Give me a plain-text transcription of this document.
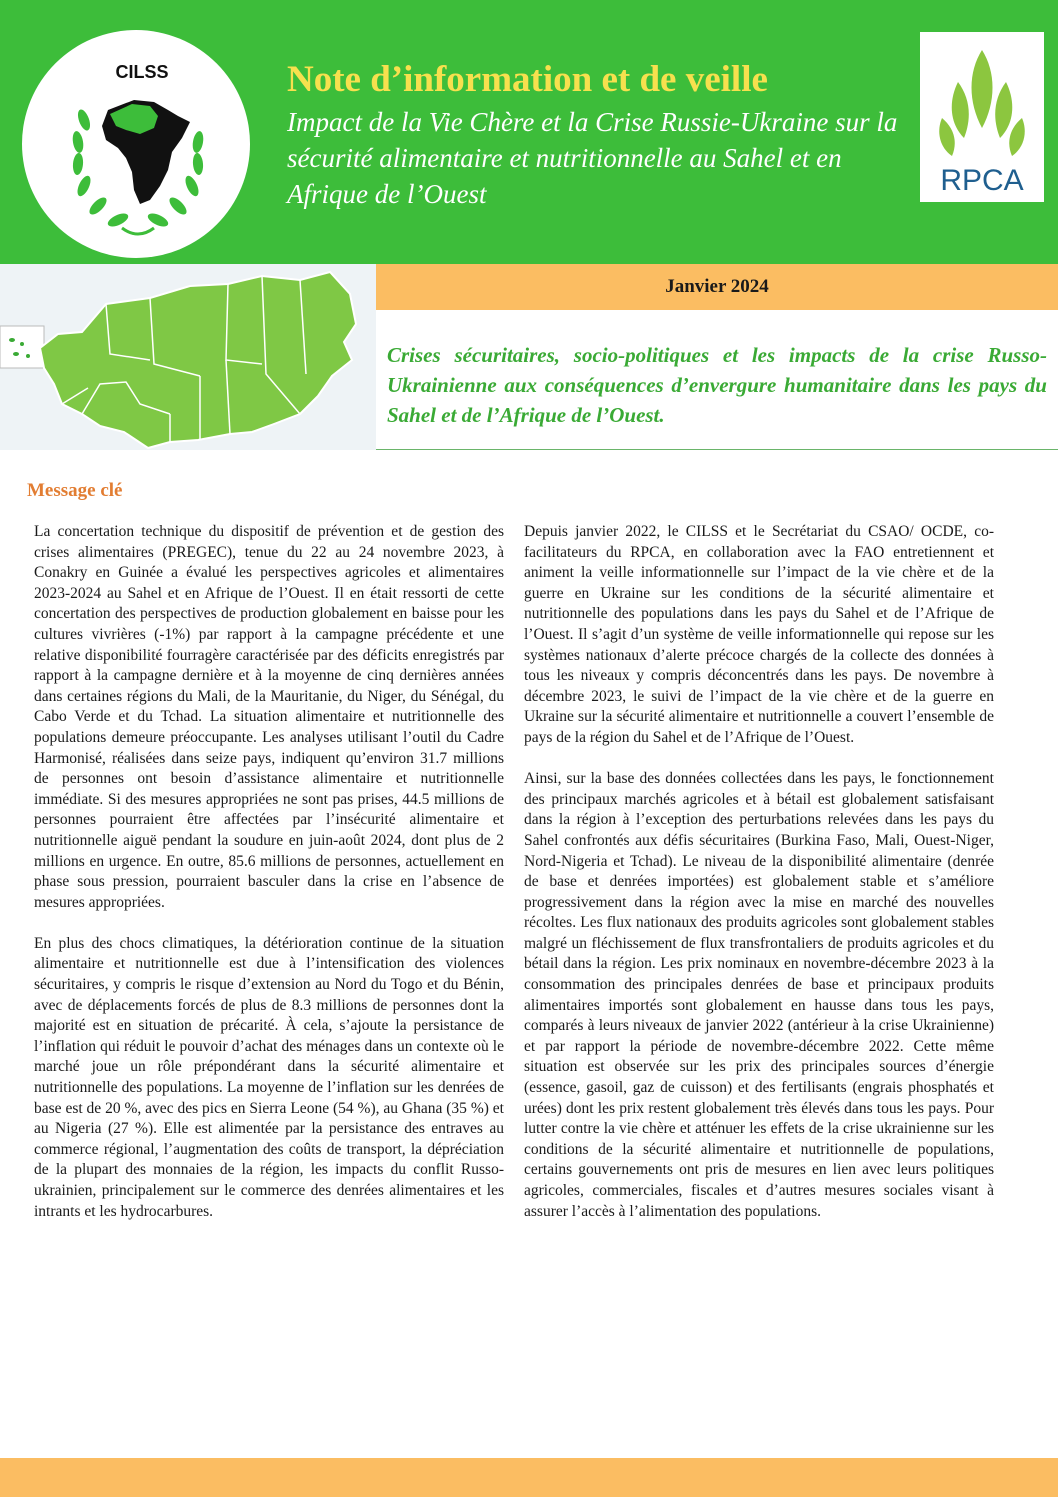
CILSS	Note d’information et de veille

Impact de la Vie Chère et la Crise Russie-Ukraine sur la sécurité alimentaire et nutritionnelle au Sahel et en Afrique de l’Ouest	RPCA
Janvier 2024

Crises sécuritaires, socio-politiques et les impacts de la crise Russo-Ukrainienne aux conséquences d’envergure humanitaire dans les pays du Sahel et de l’Afrique de l’Ouest.

Message clé

La concertation technique du dispositif de prévention et de gestion des crises alimentaires (PREGEC), tenue du 22 au 24 novembre 2023, à Conakry en Guinée a évalué les perspectives agricoles et alimentaires 2023-2024 au Sahel et en Afrique de l’Ouest. Il en était ressorti de cette concertation des perspectives de production globalement en baisse pour les cultures vivrières (-1%) par rapport à la campagne précédente et une relative disponibilité fourragère caractérisée par des déficits enregistrés par rapport à la campagne dernière et à la moyenne de cinq dernières années dans certaines régions du Mali, de la Mauritanie, du Niger, du Sénégal, du Cabo Verde et du Tchad. La situation alimentaire et nutritionnelle des populations demeure préoccupante. Les analyses utilisant l’outil du Cadre Harmonisé, réalisées dans seize pays, indiquent qu’environ 31.7 millions de personnes ont besoin d’assistance alimentaire et nutritionnelle immédiate. Si des mesures appropriées ne sont pas prises, 44.5 millions de personnes pourraient être affectées par l’insécurité alimentaire et nutritionnelle aiguë pendant la soudure en juin-août 2024, dont plus de 2 millions en urgence. En outre, 85.6 millions de personnes, actuellement en phase sous pression, pourraient basculer dans la crise en l’absence de mesures appropriées.

En plus des chocs climatiques, la détérioration continue de la situation alimentaire et nutritionnelle est due à l’intensification des violences sécuritaires, y compris le risque d’extension au Nord du Togo et du Bénin, avec de déplacements forcés de plus de 8.3 millions de personnes dont la majorité est en situation de précarité. À cela, s’ajoute la persistance de l’inflation qui réduit le pouvoir d’achat des ménages dans un contexte où le marché joue un rôle prépondérant dans la sécurité alimentaire et nutritionnelle des populations. La moyenne de l’inflation sur les denrées de base est de 20 %, avec des pics en Sierra Leone (54 %), au Ghana (35 %) et au Nigeria (27 %). Elle est alimentée par la persistance des entraves au commerce régional, l’augmentation des coûts de transport, la dépréciation de la plupart des monnaies de la région, les impacts du conflit Russo-ukrainien, principalement sur le commerce des denrées alimentaires et les intrants et les hydrocarbures.

Depuis janvier 2022, le CILSS et le Secrétariat du CSAO/ OCDE, co-facilitateurs du RPCA, en collaboration avec la FAO entretiennent et animent la veille informationnelle sur l’impact de la vie chère et de la guerre en Ukraine sur les conditions de la sécurité alimentaire et nutritionnelle des populations dans les pays du Sahel et de l’Afrique de l’Ouest. Il s’agit d’un système de veille informationnelle qui repose sur les systèmes nationaux d’alerte précoce chargés de la collecte des données à tous les niveaux y compris déconcentrés dans les pays. De novembre à décembre 2023, le suivi de l’impact de la vie chère et de la guerre en Ukraine sur la sécurité alimentaire et nutritionnelle a couvert l’ensemble de pays de la région du Sahel et de l’Afrique de l’Ouest.

Ainsi, sur la base des données collectées dans les pays, le fonctionnement des principaux marchés agricoles et à bétail est globalement satisfaisant dans la région à l’exception des perturbations relevées dans les pays du Sahel confrontés aux défis sécuritaires (Burkina Faso, Mali, Ouest-Niger, Nord-Nigeria et Tchad). Le niveau de la disponibilité alimentaire (denrée de base et denrées importées) est globalement stable et s’améliore progressivement dans la région avec la mise en marché des nouvelles récoltes. Les flux nationaux des produits agricoles sont globalement stables malgré un fléchissement de flux transfrontaliers de produits agricoles et du bétail dans la région. Les prix nominaux en novembre-décembre 2023 à la consommation des principales denrées de base et principaux produits alimentaires importés sont globalement en hausse dans tous les pays, comparés à leurs niveaux de janvier 2022 (antérieur à la crise Ukrainienne) et par rapport la période de novembre-décembre 2022. Cette même situation est observée sur les prix des principales sources d’énergie (essence, gasoil, gaz de cuisson) et des fertilisants (engrais phosphatés et urées) dont les prix restent globalement très élevés dans tous les pays. Pour lutter contre la vie chère et atténuer les effets de la crise ukrainienne sur les conditions de la sécurité alimentaire et nutritionnelle de populations, certains gouvernements ont pris de mesures en lien avec leurs politiques agricoles, commerciales, fiscales et d’autres mesures sociales visant à assurer l’accès à l’alimentation des populations.
